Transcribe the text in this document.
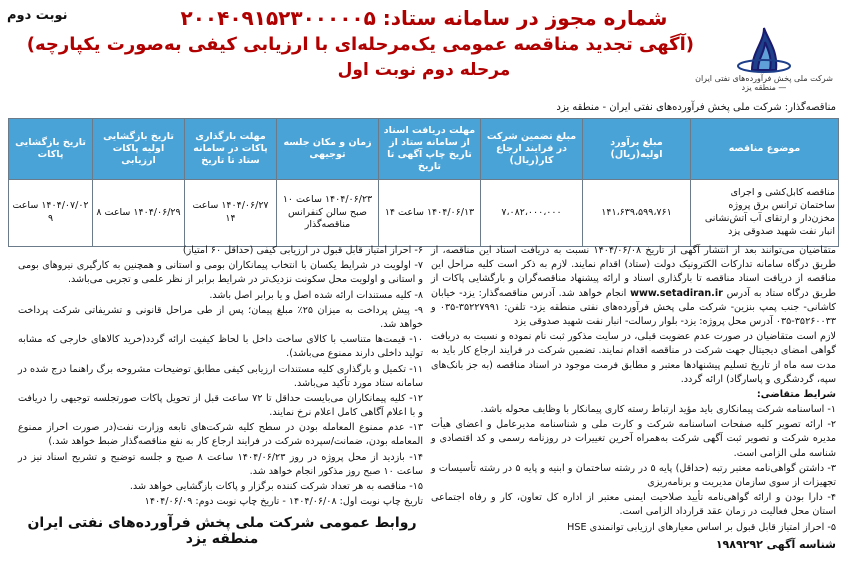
نوبت دوم
شرکت ملی پخش فرآورده‌های نفتی ایران — منطقه یزد
شماره مجوز در سامانه ستاد: ۲۰۰۴۰۹۱۵۲۳۰۰۰۰۰۵
(آگهی تجدید مناقصه عمومی یک‌مرحله‌ای با ارزیابی کیفی به‌صورت یکپارچه)
مرحله دوم نوبت اول
مناقصه‌گذار: شرکت ملی پخش فرآورده‌های نفتی ایران - منطقه یزد
موضوع مناقصه	مبلغ برآورد اولیه(ریال)	مبلغ تضمین شرکت در فرایند ارجاع کار(ریال)	مهلت دریافت اسناد از سامانه ستاد از تاریخ چاپ آگهی تا تاریخ	زمان و مکان جلسه توجیهی	مهلت بارگذاری پاکات در سامانه ستاد تا تاریخ	تاریخ بازگشایی اولیه پاکات ارزیابی	تاریخ بازگشایی پاکات
مناقصه کابل‌کشی و اجرای ساختمان ترانس برق پروژه مخزن‌دار و ارتقای آب آتش‌نشانی انبار نفت شهید صدوقی یزد	۱۴۱،۶۳۹،۵۹۹،۷۶۱	۷،۰۸۲،۰۰۰،۰۰۰	۱۴۰۴/۰۶/۱۳ ساعت ۱۴	۱۴۰۴/۰۶/۲۳ ساعت ۱۰ صبح سالن کنفرانس مناقصه‌گذار	۱۴۰۴/۰۶/۲۷ ساعت ۱۴	۱۴۰۴/۰۶/۲۹ ساعت ۸	۱۴۰۴/۰۷/۰۲ ساعت ۹

متقاضیان می‌توانند بعد از انتشار آگهی از تاریخ ۱۴۰۴/۰۶/۰۸ نسبت به دریافت اسناد این مناقصه، از طریق درگاه سامانه تدارکات الکترونیک دولت (ستاد) اقدام نمایند. لازم به ذکر است کلیه مراحل این مناقصه از دریافت اسناد مناقصه تا بارگذاری اسناد و ارائه پیشنهاد مناقصه‌گران و بارگشایی پاکات از طریق درگاه ستاد به آدرس www.setadiran.ir انجام خواهد شد. آدرس مناقصه‌گذار: یزد- خیابان کاشانی- جنب پمپ بنزین- شرکت ملی پخش فرآورده‌های نفتی منطقه یزد- تلفن: ۳۵۲۲۷۹۹۱-۰۳۵ و ۳۵۲۶۰۰۳۳-۰۳۵ آدرس محل پروژه: یزد- بلوار رسالت- انبار نفت شهید صدوقی یزد

لازم است متقاضیان در صورت عدم عضویت قبلی، در سایت مذکور ثبت نام نموده و نسبت به دریافت گواهی امضای دیجیتال جهت شرکت در مناقصه اقدام نمایند. تضمین شرکت در فرایند ارجاع کار باید به مدت سه ماه از تاریخ تسلیم پیشنهادها معتبر و مطابق فرمت موجود در اسناد مناقصه (به جز بانک‌های سپه، گردشگری و پاسارگاد) ارائه گردد.

شرایط متقاضی:

۱- اساسنامه شرکت پیمانکاری باید مؤید ارتباط رسته کاری پیمانکار با وظایف محوله باشد.

۲- ارائه تصویر کلیه صفحات اساسنامه شرکت و کارت ملی و شناسنامه مدیرعامل و اعضای هیأت مدیره شرکت و تصویر ثبت آگهی شرکت به‌همراه آخرین تغییرات در روزنامه رسمی و کد اقتصادی و شناسه ملی الزامی است.

۳- داشتن گواهی‌نامه معتبر رتبه (حداقل) پایه ۵ در رشته ساختمان و ابنیه و پایه ۵ در رشته تأسیسات و تجهیزات از سوی سازمان مدیریت و برنامه‌ریزی

۴- دارا بودن و ارائه گواهی‌نامه تأیید صلاحیت ایمنی معتبر از اداره کل تعاون، کار و رفاه اجتماعی استان محل فعالیت در زمان عقد قرارداد الزامی است.

۵- احراز امتیاز قابل قبول بر اساس معیارهای ارزیابی توانمندی HSE

۶- احراز امتیاز قابل قبول در ارزیابی کیفی (حداقل ۶۰ امتیاز)

۷- اولویت در شرایط یکسان با انتخاب پیمانکاران بومی و استانی و همچنین به کارگیری نیروهای بومی و استانی و اولویت محل سکونت نزدیک‌تر در شرایط برابر از نظر علمی و تجربی می‌باشد.

۸- کلیه مستندات ارائه شده اصل و یا برابر اصل باشد.

۹- پیش پرداخت به میزان ۲۵٪ مبلغ پیمان؛ پس از طی مراحل قانونی و تشریفاتی شرکت پرداخت خواهد شد.

۱۰- قیمت‌ها متناسب با کالای ساخت داخل با لحاظ کیفیت ارائه گردد(خرید کالاهای خارجی که مشابه تولید داخلی دارند ممنوع می‌باشد).

۱۱- تکمیل و بارگذاری کلیه مستندات ارزیابی کیفی مطابق توضیحات مشروحه برگ راهنما درج شده در سامانه ستاد مورد تأکید می‌باشد.

۱۲- کلیه پیمانکاران می‌بایست حداقل تا ۷۲ ساعت قبل از تحویل پاکات صورتجلسه توجیهی را دریافت و با اعلام آگاهی کامل اعلام نرخ نمایند.

۱۳- عدم ممنوع المعامله بودن در سطح کلیه شرکت‌های تابعه وزارت نفت(در صورت احراز ممنوع المعامله بودن، ضمانت/سپرده شرکت در فرایند ارجاع کار به نفع مناقصه‌گذار ضبط خواهد شد.)

۱۴- بازدید از محل پروژه در روز ۱۴۰۴/۰۶/۲۳ ساعت ۸ صبح و جلسه توضیح و تشریح اسناد نیز در ساعت ۱۰ صبح روز مذکور انجام خواهد شد.

۱۵- مناقصه به هر تعداد شرکت کننده برگزار و پاکات بازگشایی خواهد شد.

تاریخ چاپ نوبت اول: ۱۴۰۴/۰۶/۰۸ - تاریخ چاپ نوبت دوم: ۱۴۰۴/۰۶/۰۹

روابط عمومی شرکت ملی پخش فرآورده‌های نفتی ایران منطقه یزد	شناسه آگهی ۱۹۸۹۲۹۲
